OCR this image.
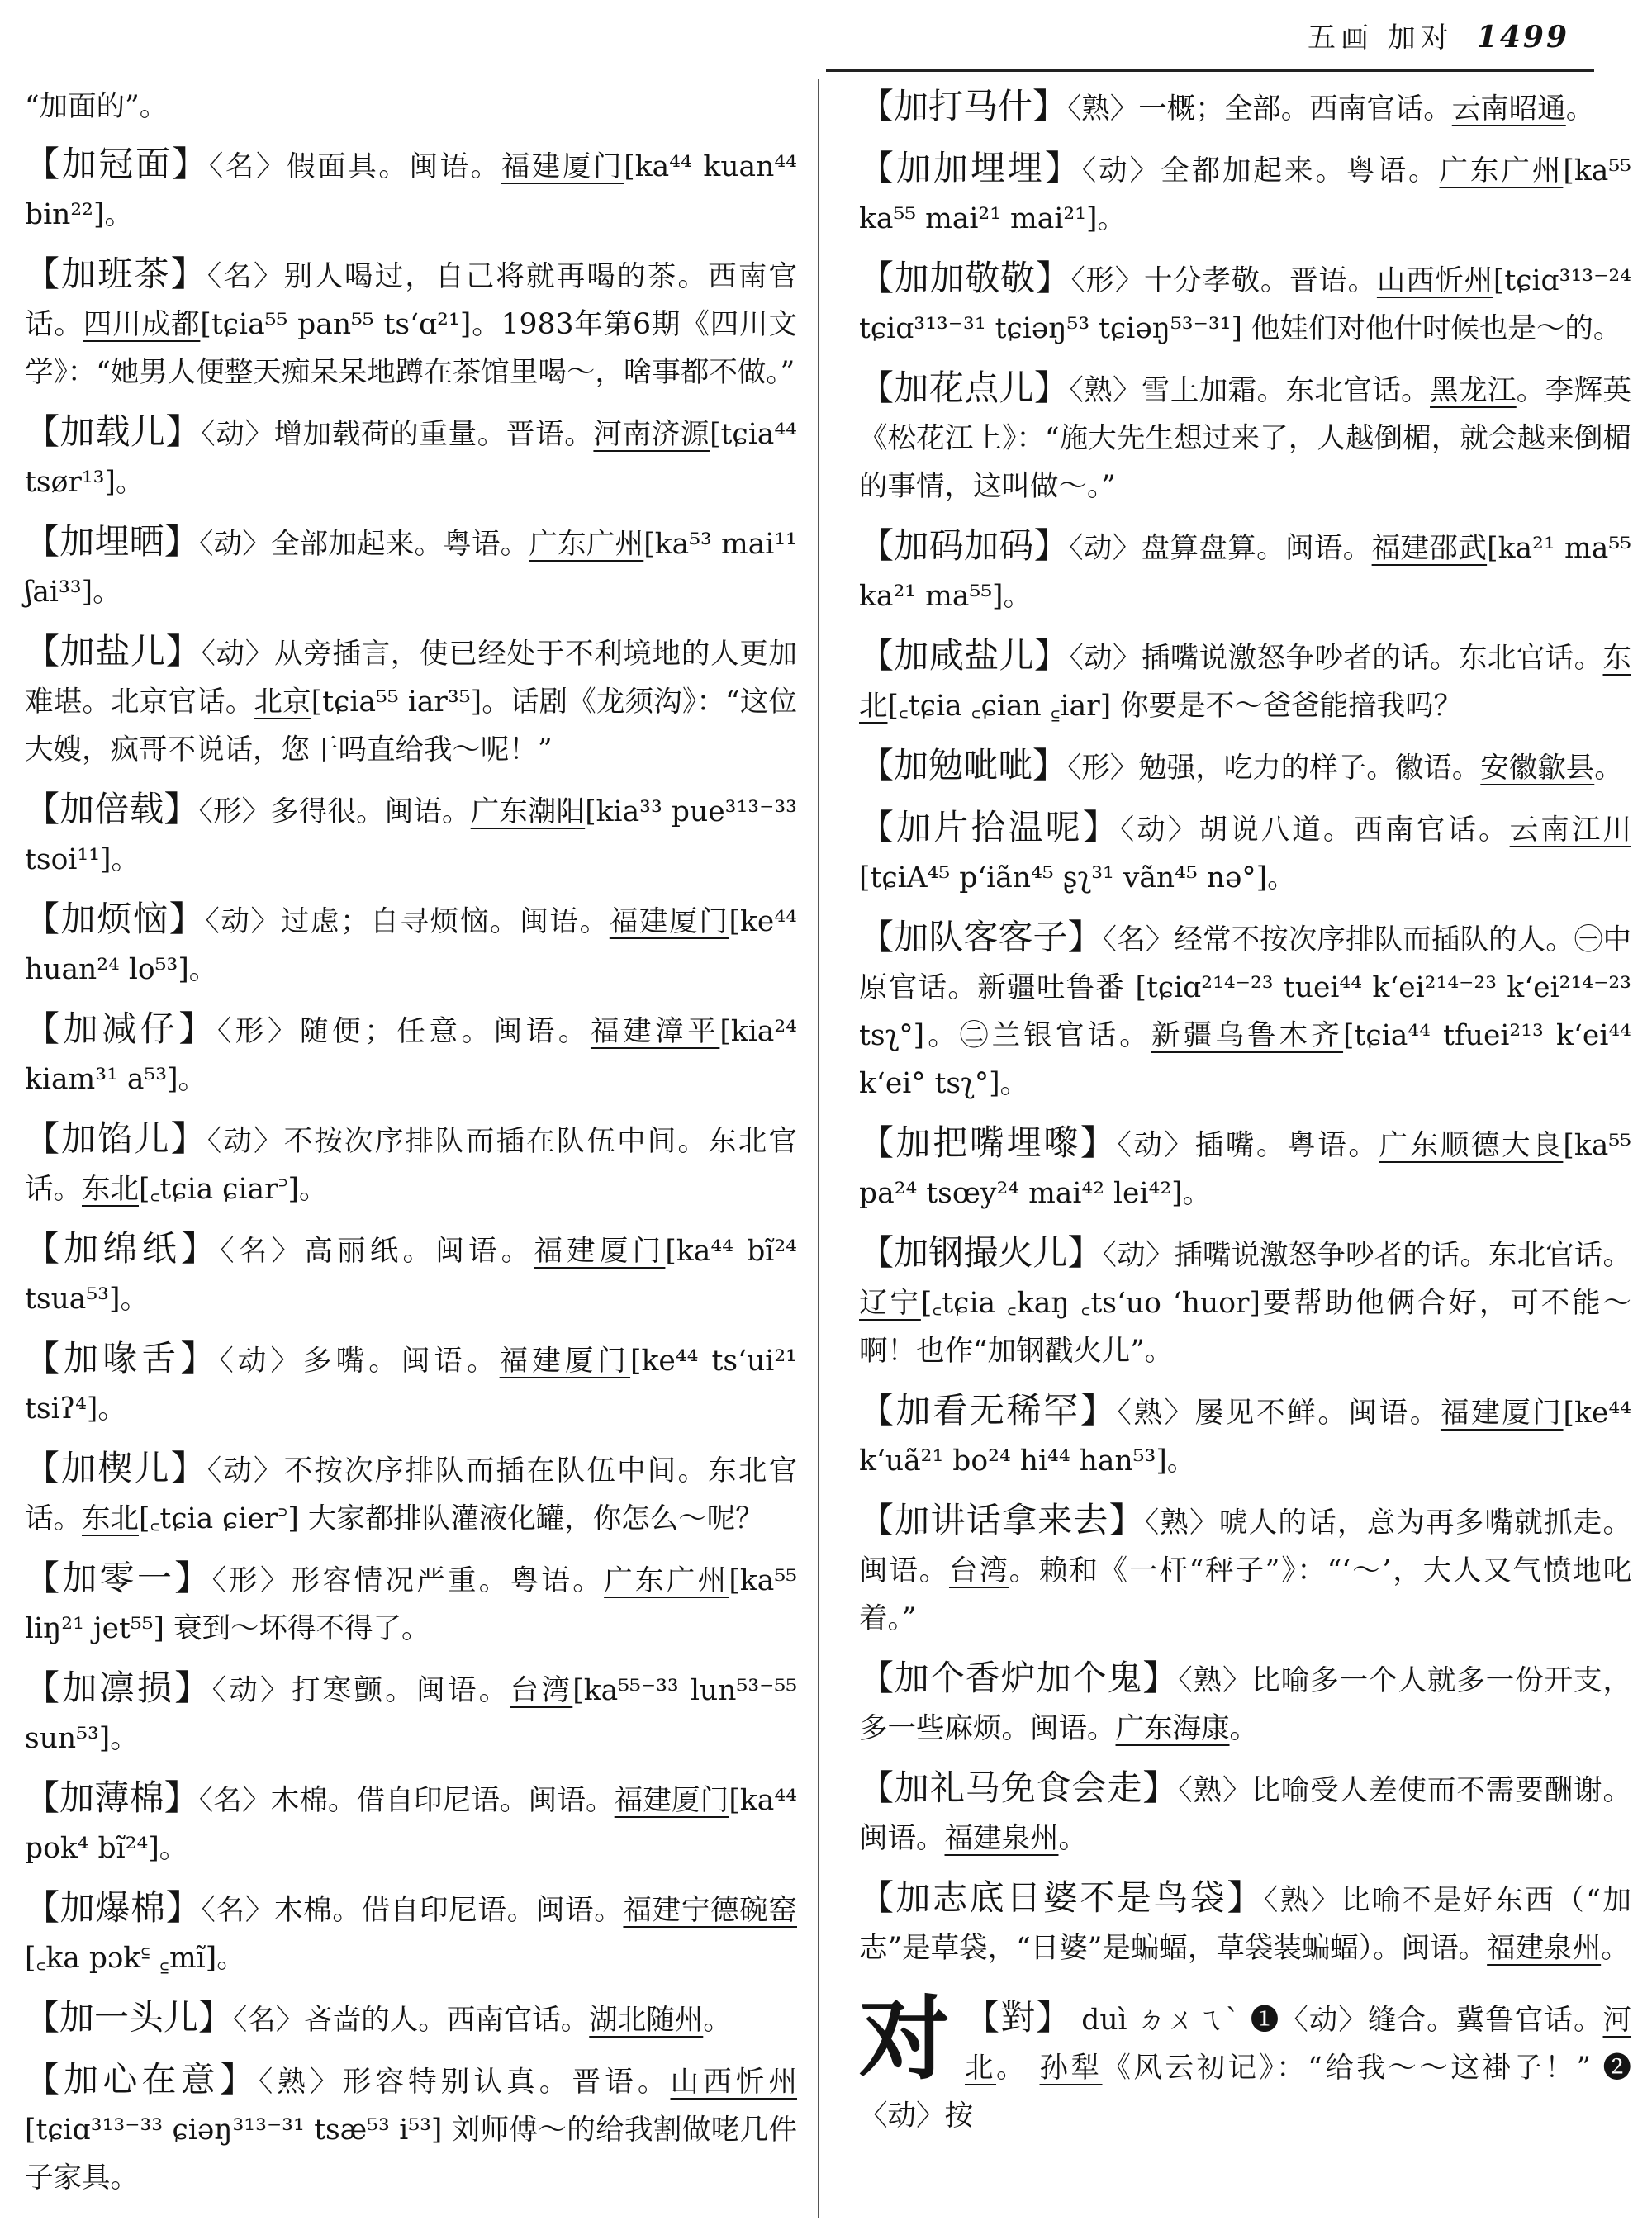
五画 加对 1499

“加面的”。

【加冠面】〈名〉假面具。闽语。福建厦门[ka⁴⁴ kuan⁴⁴ bin²²]。

【加班茶】〈名〉别人喝过，自己将就再喝的茶。西南官话。四川成都[tɕia⁵⁵ pan⁵⁵ ts‘ɑ²¹]。1983年第6期《四川文学》：“她男人便整天痴呆呆地蹲在茶馆里喝～，啥事都不做。”

【加载儿】〈动〉增加载荷的重量。晋语。河南济源[tɕia⁴⁴ tsør¹³]。

【加埋晒】〈动〉全部加起来。粤语。广东广州[ka⁵³ mai¹¹ ʃai³³]。

【加盐儿】〈动〉从旁插言，使已经处于不利境地的人更加难堪。北京官话。北京[tɕia⁵⁵ iar³⁵]。话剧《龙须沟》：“这位大嫂，疯哥不说话，您干吗直给我～呢！”

【加倍载】〈形〉多得很。闽语。广东潮阳[kia³³ pue³¹³⁻³³ tsoi¹¹]。

【加烦恼】〈动〉过虑；自寻烦恼。闽语。福建厦门[ke⁴⁴ huan²⁴ lo⁵³]。

【加减仔】〈形〉随便；任意。闽语。福建漳平[kia²⁴ kiam³¹ a⁵³]。

【加馅儿】〈动〉不按次序排队而插在队伍中间。东北官话。东北[꜀tɕia ɕiar꜄]。

【加绵纸】〈名〉高丽纸。闽语。福建厦门[ka⁴⁴ bĩ²⁴ tsua⁵³]。

【加喙舌】〈动〉多嘴。闽语。福建厦门[ke⁴⁴ ts‘ui²¹ tsiʔ⁴]。

【加楔儿】〈动〉不按次序排队而插在队伍中间。东北官话。东北[꜀tɕia ɕier꜄] 大家都排队灌液化罐，你怎么～呢？

【加零一】〈形〉形容情况严重。粤语。广东广州[ka⁵⁵ liŋ²¹ jet⁵⁵] 衰到～坏得不得了。

【加凛损】〈动〉打寒颤。闽语。台湾[ka⁵⁵⁻³³ lun⁵³⁻⁵⁵ sun⁵³]。

【加薄棉】〈名〉木棉。借自印尼语。闽语。福建厦门[ka⁴⁴ pok⁴ bĩ²⁴]。

【加爆棉】〈名〉木棉。借自印尼语。闽语。福建宁德碗窑[꜀ka pɔk꜃ ꜁mĩ]。

【加一头儿】〈名〉吝啬的人。西南官话。湖北随州。

【加心在意】〈熟〉形容特别认真。晋语。山西忻州[tɕiɑ³¹³⁻³³ ɕiəŋ³¹³⁻³¹ tsæ⁵³ i⁵³] 刘师傅～的给我割做咾几件子家具。

【加打马什】〈熟〉一概；全部。西南官话。云南昭通。

【加加埋埋】〈动〉全都加起来。粤语。广东广州[ka⁵⁵ ka⁵⁵ mai²¹ mai²¹]。

【加加敬敬】〈形〉十分孝敬。晋语。山西忻州[tɕiɑ³¹³⁻²⁴ tɕiɑ³¹³⁻³¹ tɕiəŋ⁵³ tɕiəŋ⁵³⁻³¹] 他娃们对他什时候也是～的。

【加花点儿】〈熟〉雪上加霜。东北官话。黑龙江。李辉英《松花江上》：“施大先生想过来了，人越倒楣，就会越来倒楣的事情，这叫做～。”

【加码加码】〈动〉盘算盘算。闽语。福建邵武[ka²¹ ma⁵⁵ ka²¹ ma⁵⁵]。

【加咸盐儿】〈动〉插嘴说激怒争吵者的话。东北官话。东北[꜀tɕia ꜀ɕian ꜁iar] 你要是不～爸爸能揞我吗？

【加勉呲呲】〈形〉勉强，吃力的样子。徽语。安徽歙县。

【加片拾温呢】〈动〉胡说八道。西南官话。云南江川[tɕiA⁴⁵ p‘iãn⁴⁵ ʂʅ³¹ vãn⁴⁵ nə°]。

【加队客客子】〈名〉经常不按次序排队而插队的人。㊀中原官话。新疆吐鲁番 [tɕiɑ²¹⁴⁻²³ tuei⁴⁴ k‘ei²¹⁴⁻²³ k‘ei²¹⁴⁻²³ tsʅ°]。㊁兰银官话。新疆乌鲁木齐[tɕia⁴⁴ tfuei²¹³ k‘ei⁴⁴ k‘ei° tsʅ°]。

【加把嘴埋嚟】〈动〉插嘴。粤语。广东顺德大良[ka⁵⁵ pa²⁴ tsœy²⁴ mai⁴² lei⁴²]。

【加钢撮火儿】〈动〉插嘴说激怒争吵者的话。东北官话。辽宁[꜀tɕia ꜀kaŋ ꜀ts‘uo ‘huor]要帮助他俩合好，可不能～啊！也作“加钢戳火儿”。

【加看无稀罕】〈熟〉屡见不鲜。闽语。福建厦门[ke⁴⁴ k‘uã²¹ bo²⁴ hi⁴⁴ han⁵³]。

【加讲话拿来去】〈熟〉唬人的话，意为再多嘴就抓走。闽语。台湾。赖和《一杆“秤子”》：“‘～’，大人又气愤地叱着。”

【加个香炉加个鬼】〈熟〉比喻多一个人就多一份开支，多一些麻烦。闽语。广东海康。

【加礼马免食会走】〈熟〉比喻受人差使而不需要酬谢。闽语。福建泉州。

【加志底日婆不是鸟袋】〈熟〉比喻不是好东西（“加志”是草袋，“日婆”是蝙蝠，草袋装蝙蝠）。闽语。福建泉州。

对 【對】 duì ㄉㄨㄟˋ ❶〈动〉缝合。冀鲁官话。河北。 孙犁《风云初记》：“给我～～这褂子！” ❷〈动〉按
